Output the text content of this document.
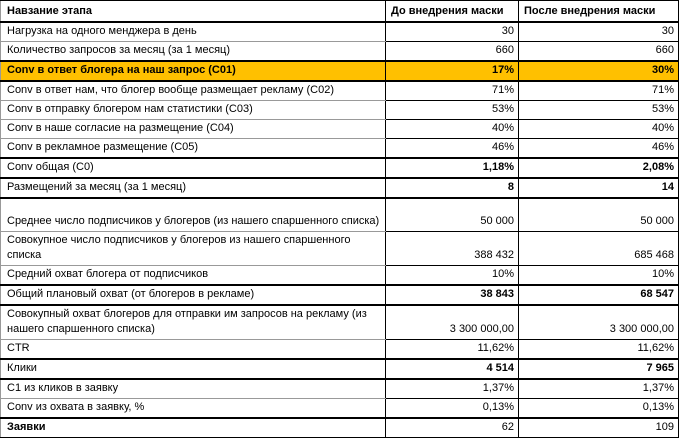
Навзание этапа	До внедрения маски	После внедрения маски
Нагрузка на одного менджера в день	30	30
Количество запросов за месяц (за 1 месяц)	660	660
Conv в ответ блогера на наш запрос (C01)	17%	30%
Conv в ответ нам, что блогер вообще размещает рекламу (C02)	71%	71%
Conv в отправку блогером нам статистики (C03)	53%	53%
Conv в наше согласие на размещение (C04)	40%	40%
Conv в рекламное размещение (C05)	46%	46%
Conv общая (C0)	1,18%	2,08%
Размещений за месяц (за 1 месяц)	8	14
Среднее число подписчиков у блогеров (из нашего спаршенного списка)	50 000	50 000
Совокупное число подписчиков у блогеров из нашего спаршенного списка	388 432	685 468
Средний охват блогера от подписчиков	10%	10%
Общий плановый охват (от блогеров в рекламе)	38 843	68 547
Совокупный охват блогеров для отправки им запросов на рекламу (из нашего спаршенного списка)	3 300 000,00	3 300 000,00
CTR	11,62%	11,62%
Клики	4 514	7 965
C1 из кликов в заявку	1,37%	1,37%
Conv из охвата в заявку, %	0,13%	0,13%
Заявки	62	109
